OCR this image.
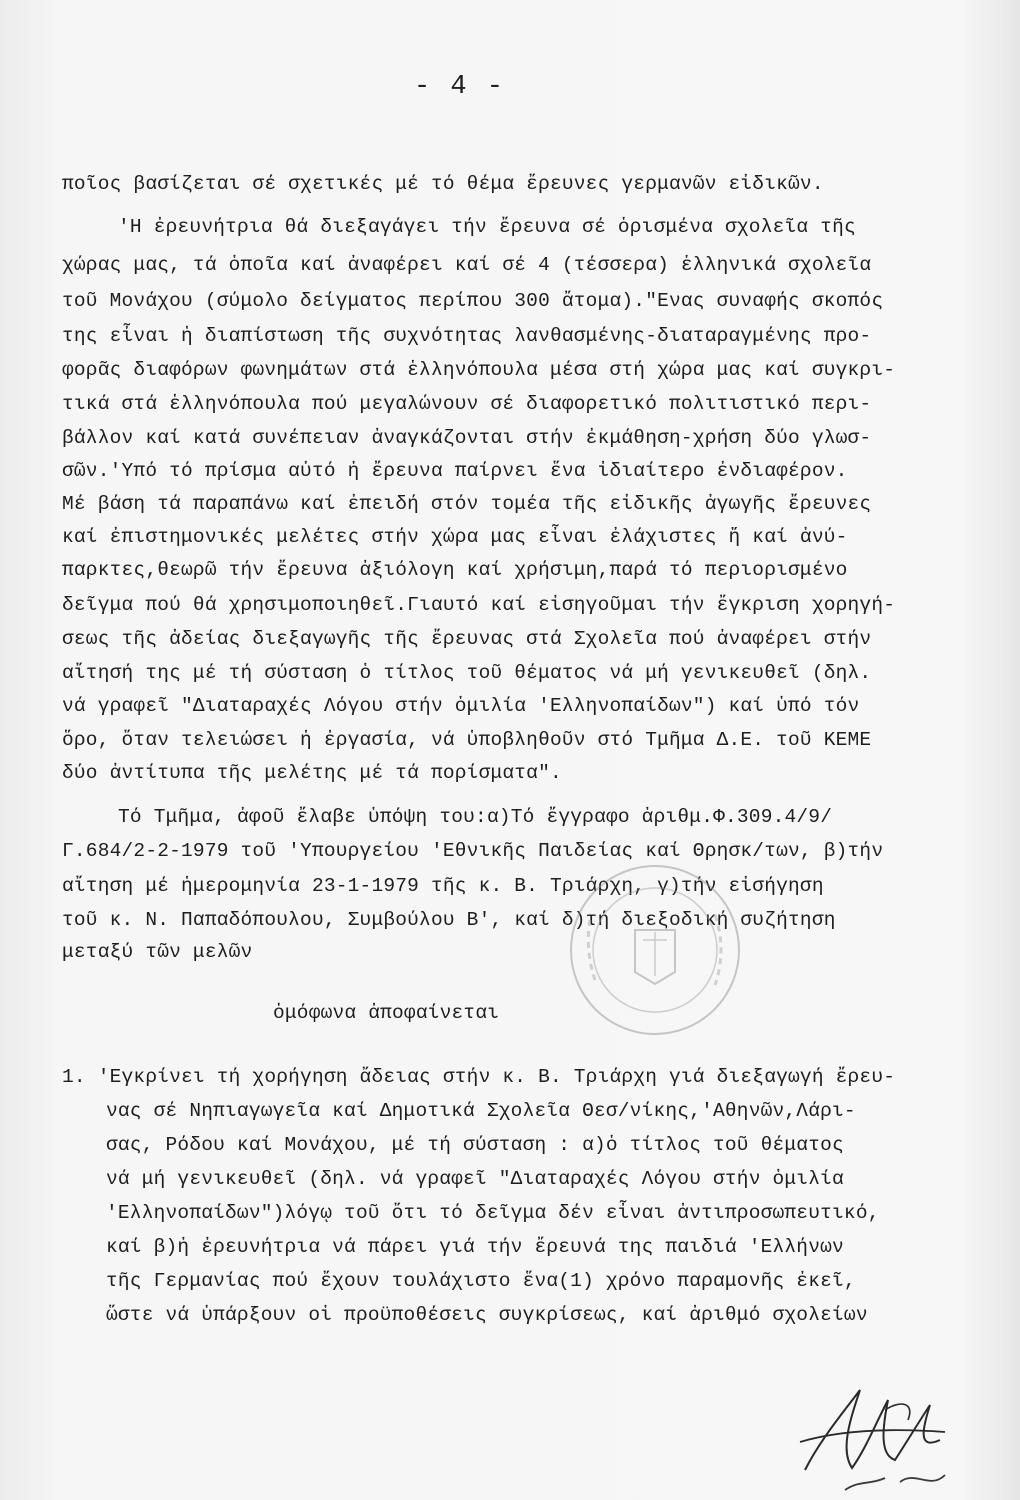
- 4 -
ποῖος βασίζεται σέ σχετικές μέ τό θέμα ἔρευνες γερμανῶν εἰδικῶν.
'Η ἐρευνήτρια θά διεξαγάγει τήν ἔρευνα σέ ὁρισμένα σχολεῖα τῆς
χώρας μας, τά ὁποῖα καί ἀναφέρει καί σέ 4 (τέσσερα) ἑλληνικά σχολεῖα
τοῦ Μονάχου (σύμολο δείγματος περίπου 300 ἄτομα)."Ενας συναφής σκοπός
της εἶναι ἡ διαπίστωση τῆς συχνότητας λανθασμένης-διαταραγμένης προ-
φορᾶς διαφόρων φωνημάτων στά ἑλληνόπουλα μέσα στή χώρα μας καί συγκρι-
τικά στά ἑλληνόπουλα πού μεγαλώνουν σέ διαφορετικό πολιτιστικό περι-
βάλλον καί κατά συνέπειαν ἀναγκάζονται στήν ἐκμάθηση-χρήση δύο γλωσ-
σῶν.'Υπό τό πρίσμα αὐτό ἡ ἔρευνα παίρνει ἕνα ἰδιαίτερο ἐνδιαφέρον.
Μέ βάση τά παραπάνω καί ἐπειδή στόν τομέα τῆς εἰδικῆς ἀγωγῆς ἔρευνες
καί ἐπιστημονικές μελέτες στήν χώρα μας εἶναι ἐλάχιστες ἤ καί ἀνύ-
παρκτες,θεωρῶ τήν ἔρευνα ἀξιόλογη καί χρήσιμη,παρά τό περιορισμένο
δεῖγμα πού θά χρησιμοποιηθεῖ.Γιαυτό καί εἰσηγοῦμαι τήν ἔγκριση χορηγή-
σεως τῆς ἀδείας διεξαγωγῆς τῆς ἔρευνας στά Σχολεῖα πού ἀναφέρει στήν
αἴτησή της μέ τή σύσταση ὁ τίτλος τοῦ θέματος νά μή γενικευθεῖ (δηλ.
νά γραφεῖ "Διαταραχές Λόγου στήν ὁμιλία 'Ελληνοπαίδων") καί ὑπό τόν
ὅρο, ὅταν τελειώσει ἡ ἐργασία, νά ὑποβληθοῦν στό Τμῆμα Δ.Ε. τοῦ ΚΕΜΕ
δύο ἀντίτυπα τῆς μελέτης μέ τά πορίσματα".
Τό Τμῆμα, ἀφοῦ ἔλαβε ὑπόψη του:α)Τό ἔγγραφο ἀριθμ.Φ.309.4/9/
Γ.684/2-2-1979 τοῦ 'Υπουργείου 'Εθνικῆς Παιδείας καί Θρησκ/των, β)τήν
αἴτηση μέ ἡμερομηνία 23-1-1979 τῆς κ. Β. Τριάρχη, γ)τήν εἰσήγηση
τοῦ κ. Ν. Παπαδόπουλου, Συμβούλου Β', καί δ)τή διεξοδική συζήτηση
μεταξύ τῶν μελῶν
ὁμόφωνα ἀποφαίνεται
1. 'Εγκρίνει τή χορήγηση ἄδειας στήν κ. Β. Τριάρχη γιά διεξαγωγή ἔρευ-
νας σέ Νηπιαγωγεῖα καί Δημοτικά Σχολεῖα Θεσ/νίκης,'Αθηνῶν,Λάρι-
σας, Ρόδου καί Μονάχου, μέ τή σύσταση : α)ὁ τίτλος τοῦ θέματος
νά μή γενικευθεῖ (δηλ. νά γραφεῖ "Διαταραχές Λόγου στήν ὁμιλία
'Ελληνοπαίδων")λόγῳ τοῦ ὅτι τό δεῖγμα δέν εἶναι ἀντιπροσωπευτικό,
καί β)ἡ ἐρευνήτρια νά πάρει γιά τήν ἔρευνά της παιδιά 'Ελλήνων
τῆς Γερμανίας πού ἔχουν τουλάχιστο ἕνα(1) χρόνο παραμονῆς ἐκεῖ,
ὥστε νά ὑπάρξουν οἱ προϋποθέσεις συγκρίσεως, καί ἀριθμό σχολείων
